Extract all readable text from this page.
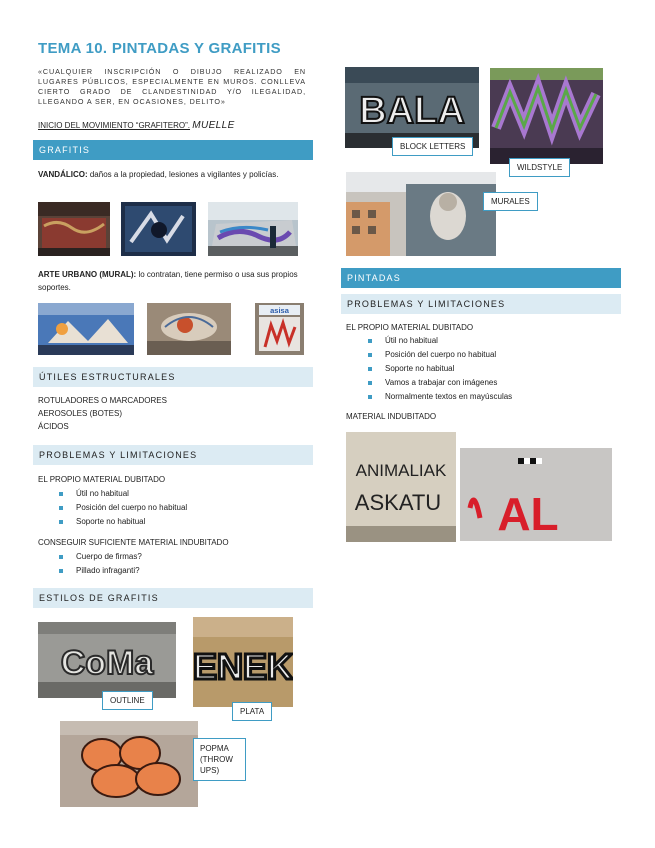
TEMA 10. PINTADAS Y GRAFITIS
«CUALQUIER INSCRIPCIÓN O DIBUJO REALIZADO EN LUGARES PÚBLICOS, ESPECIALMENTE EN MUROS. CONLLEVA CIERTO GRADO DE CLANDESTINIDAD Y/O ILEGALIDAD, LLEGANDO A SER, EN OCASIONES, DELITO»
INICIO DEL MOVIMIENTO “GRAFITERO”. MUELLE
GRAFITIS
VANDÁLICO: daños a la propiedad, lesiones a vigilantes y policías.
ARTE URBANO (MURAL): lo contratan, tiene permiso o usa sus propios soportes.
asisa
ÚTILES ESTRUCTURALES
ROTULADORES O MARCADORES
AEROSOLES (BOTES)
ÁCIDOS
PROBLEMAS Y LIMITACIONES
EL PROPIO MATERIAL DUBITADO
Útil no habitual
Posición del cuerpo no habitual
Soporte no habitual
CONSEGUIR SUFICIENTE MATERIAL INDUBITADO
Cuerpo de firmas?
Pillado infraganti?
ESTILOS DE GRAFITIS
CoMa ENEK
OUTLINE
PLATA
POPMA (THROW UPS)
BALA
BLOCK LETTERS
WILDSTYLE
MURALES
PINTADAS
PROBLEMAS Y LIMITACIONES
EL PROPIO MATERIAL DUBITADO
Útil no habitual
Posición del cuerpo no habitual
Soporte no habitual
Vamos a trabajar con imágenes
Normalmente textos en mayúsculas
MATERIAL INDUBITADO
ANIMALIAK
ASKATU AL
